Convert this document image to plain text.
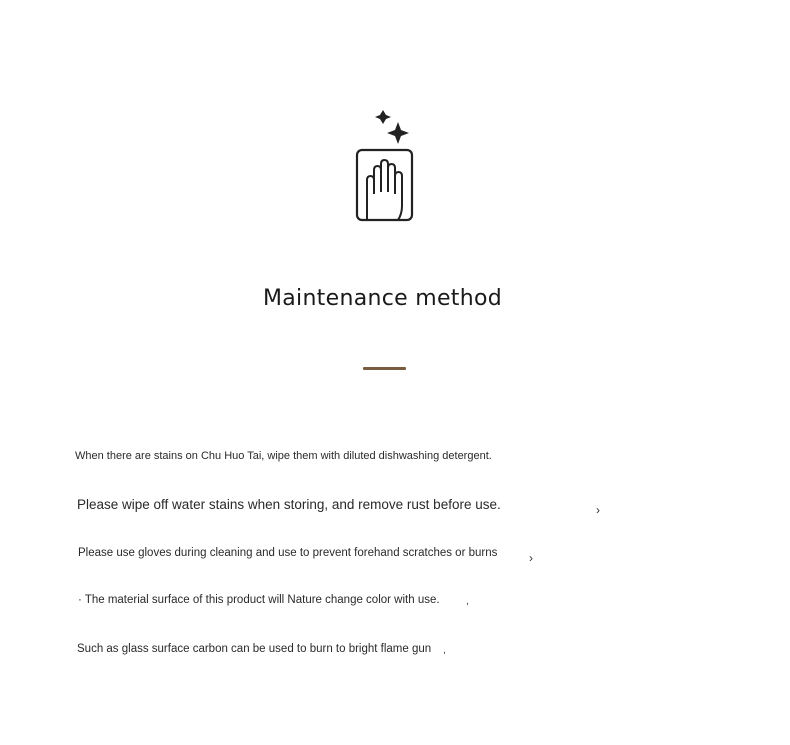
Maintenance method
When there are stains on Chu Huo Tai, wipe them with diluted dishwashing detergent.
Please wipe off water stains when storing, and remove rust before use.	›
Please use gloves during cleaning and use to prevent forehand scratches or burns	›
· The material surface of this product will Nature change color with use.	,
Such as glass surface carbon can be used to burn to bright flame gun ,
